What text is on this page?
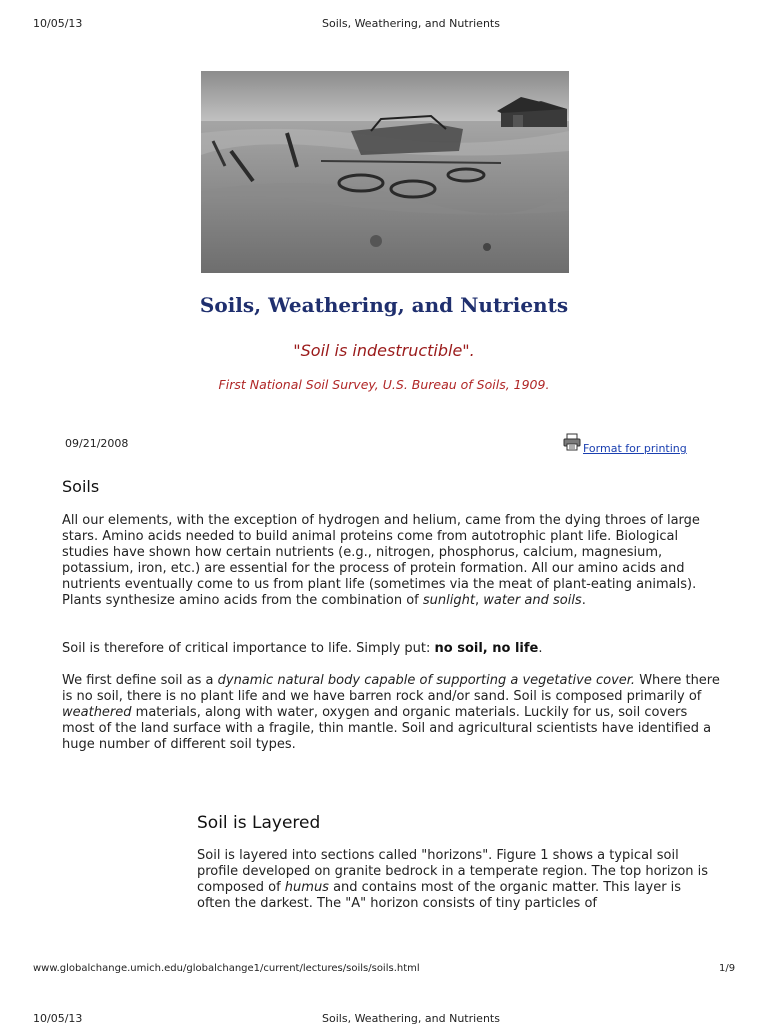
10/05/13	Soils, Weathering, and Nutrients
Soils, Weathering, and Nutrients
"Soil is indestructible".
First National Soil Survey, U.S. Bureau of Soils, 1909.
09/21/2008	Format for printing
Soils
All our elements, with the exception of hydrogen and helium, came from the dying throes of large stars. Amino acids needed to build animal proteins come from autotrophic plant life. Biological studies have shown how certain nutrients (e.g., nitrogen, phosphorus, calcium, magnesium, potassium, iron, etc.) are essential for the process of protein formation. All our amino acids and nutrients eventually come to us from plant life (sometimes via the meat of plant-eating animals). Plants synthesize amino acids from the combination of sunlight, water and soils.
Soil is therefore of critical importance to life. Simply put: no soil, no life.
We first define soil as a dynamic natural body capable of supporting a vegetative cover. Where there is no soil, there is no plant life and we have barren rock and/or sand. Soil is composed primarily of weathered materials, along with water, oxygen and organic materials. Luckily for us, soil covers most of the land surface with a fragile, thin mantle. Soil and agricultural scientists have identified a huge number of different soil types.
Soil is Layered
Soil is layered into sections called "horizons". Figure 1 shows a typical soil profile developed on granite bedrock in a temperate region. The top horizon is composed of humus and contains most of the organic matter. This layer is often the darkest. The "A" horizon consists of tiny particles of
www.globalchange.umich.edu/globalchange1/current/lectures/soils/soils.html	1/9
10/05/13	Soils, Weathering, and Nutrients
